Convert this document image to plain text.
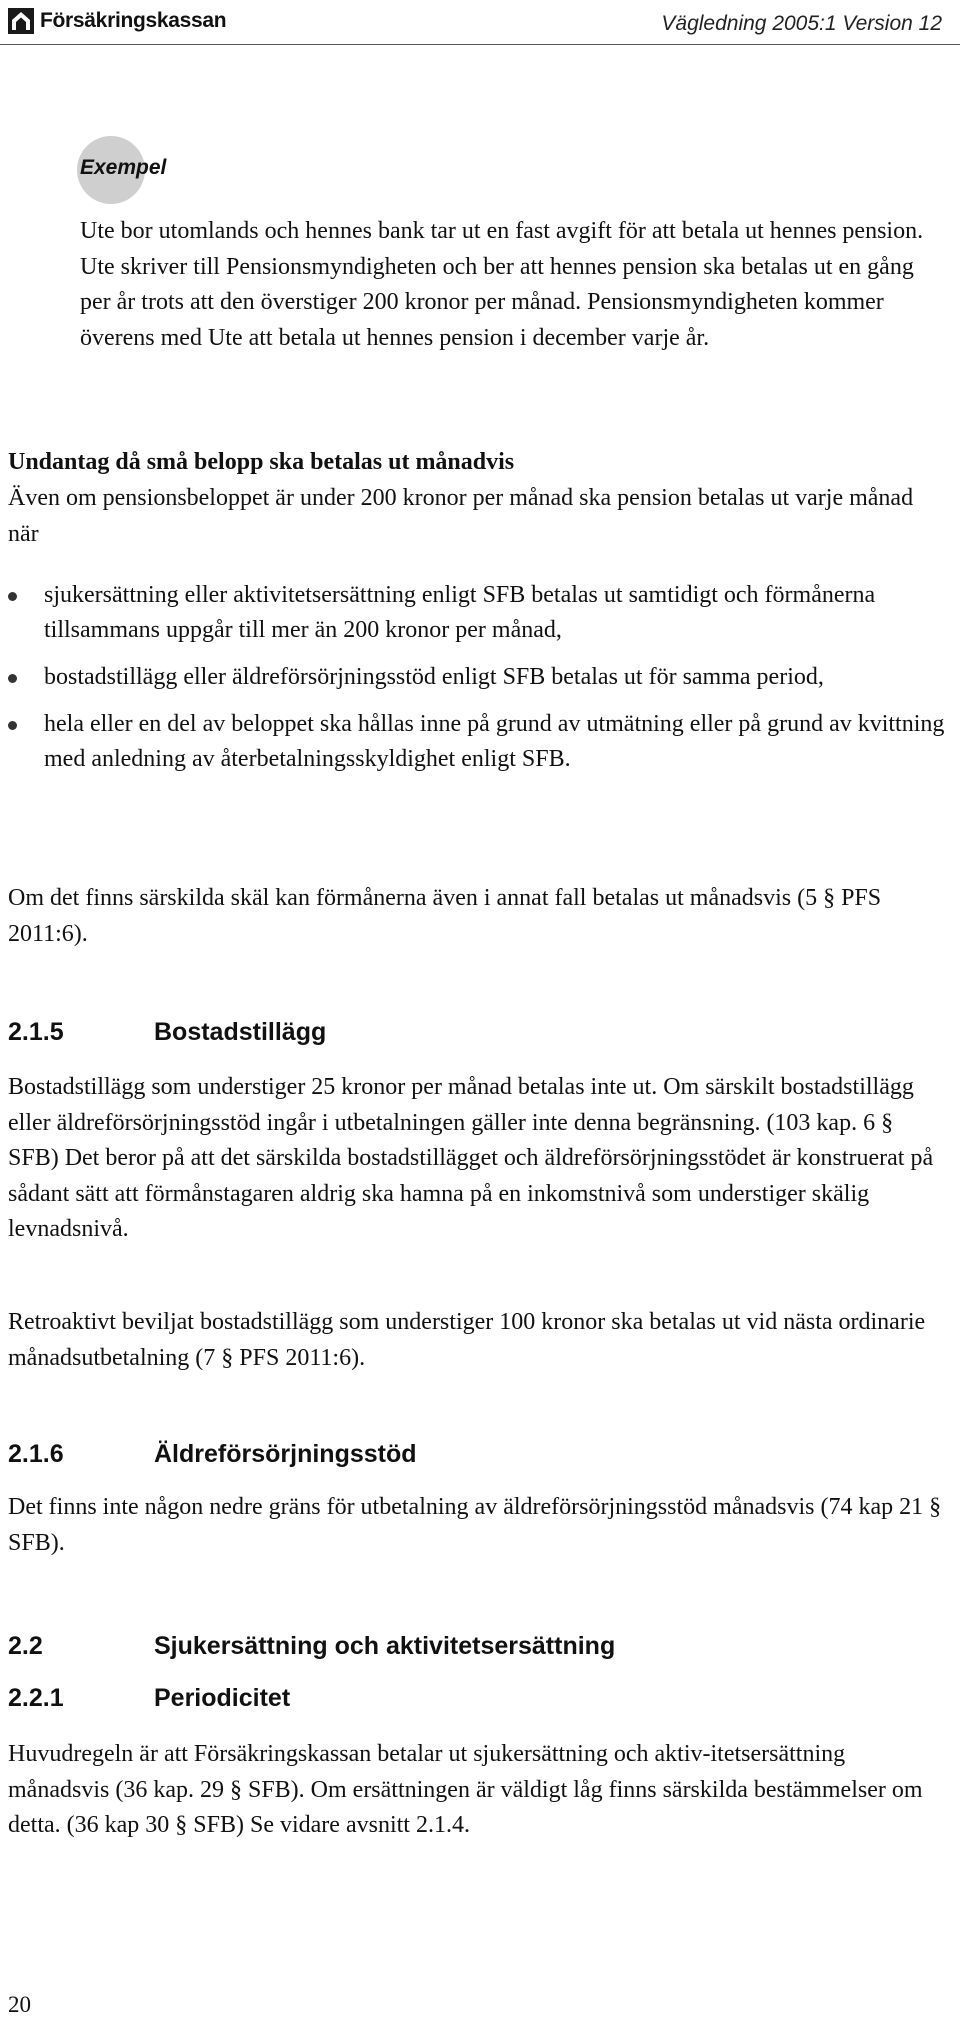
Försäkringskassan	Vägledning 2005:1 Version 12
Exempel

Ute bor utomlands och hennes bank tar ut en fast avgift för att betala ut hennes pension. Ute skriver till Pensionsmyndigheten och ber att hennes pension ska betalas ut en gång per år trots att den överstiger 200 kronor per månad. Pensionsmyndigheten kommer överens med Ute att betala ut hennes pension i december varje år.

Undantag då små belopp ska betalas ut månadvis

Även om pensionsbeloppet är under 200 kronor per månad ska pension betalas ut varje månad när

sjukersättning eller aktivitetsersättning enligt SFB betalas ut samtidigt och förmånerna tillsammans uppgår till mer än 200 kronor per månad,
bostadstillägg eller äldreförsörjningsstöd enligt SFB betalas ut för samma period,
hela eller en del av beloppet ska hållas inne på grund av utmätning eller på grund av kvittning med anledning av återbetalningsskyldighet enligt SFB.

Om det finns särskilda skäl kan förmånerna även i annat fall betalas ut månadsvis (5 § PFS 2011:6).

2.1.5	Bostadstillägg

Bostadstillägg som understiger 25 kronor per månad betalas inte ut. Om särskilt bostadstillägg eller äldreförsörjningsstöd ingår i utbetalningen gäller inte denna begränsning. (103 kap. 6 § SFB) Det beror på att det särskilda bostadstillägget och äldreförsörjningsstödet är konstruerat på sådant sätt att förmånstagaren aldrig ska hamna på en inkomstnivå som understiger skälig levnadsnivå.

Retroaktivt beviljat bostadstillägg som understiger 100 kronor ska betalas ut vid nästa ordinarie månadsutbetalning (7 § PFS 2011:6).

2.1.6	Äldreförsörjningsstöd

Det finns inte någon nedre gräns för utbetalning av äldreförsörjningsstöd månadsvis (74 kap 21 § SFB).

2.2	Sjukersättning och aktivitetsersättning
2.2.1	Periodicitet

Huvudregeln är att Försäkringskassan betalar ut sjukersättning och aktiv-itetsersättning månadsvis (36 kap. 29 § SFB). Om ersättningen är väldigt låg finns särskilda bestämmelser om detta. (36 kap 30 § SFB) Se vidare avsnitt 2.1.4.

20
